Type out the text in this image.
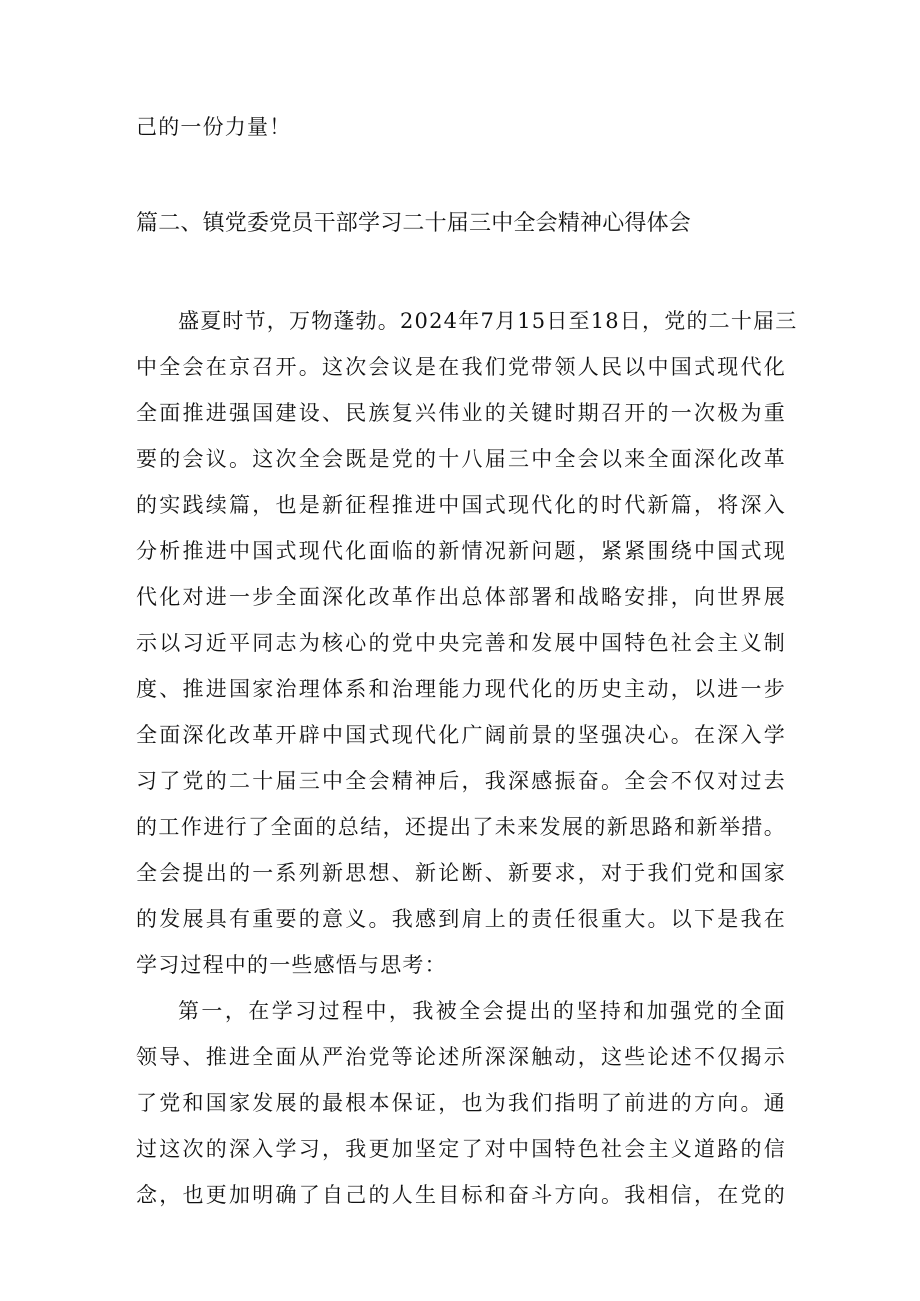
己的一份力量！
篇二、镇党委党员干部学习二十届三中全会精神心得体会
盛夏时节，万物蓬勃。2024年7月15日至18日，党的二十届三
中全会在京召开。这次会议是在我们党带领人民以中国式现代化
全面推进强国建设、民族复兴伟业的关键时期召开的一次极为重
要的会议。这次全会既是党的十八届三中全会以来全面深化改革
的实践续篇，也是新征程推进中国式现代化的时代新篇，将深入
分析推进中国式现代化面临的新情况新问题，紧紧围绕中国式现
代化对进一步全面深化改革作出总体部署和战略安排，向世界展
示以习近平同志为核心的党中央完善和发展中国特色社会主义制
度、推进国家治理体系和治理能力现代化的历史主动，以进一步
全面深化改革开辟中国式现代化广阔前景的坚强决心。在深入学
习了党的二十届三中全会精神后，我深感振奋。全会不仅对过去
的工作进行了全面的总结，还提出了未来发展的新思路和新举措。
全会提出的一系列新思想、新论断、新要求，对于我们党和国家
的发展具有重要的意义。我感到肩上的责任很重大。以下是我在
学习过程中的一些感悟与思考：
第一，在学习过程中，我被全会提出的坚持和加强党的全面
领导、推进全面从严治党等论述所深深触动，这些论述不仅揭示
了党和国家发展的最根本保证，也为我们指明了前进的方向。通
过这次的深入学习，我更加坚定了对中国特色社会主义道路的信
念，也更加明确了自己的人生目标和奋斗方向。我相信，在党的
